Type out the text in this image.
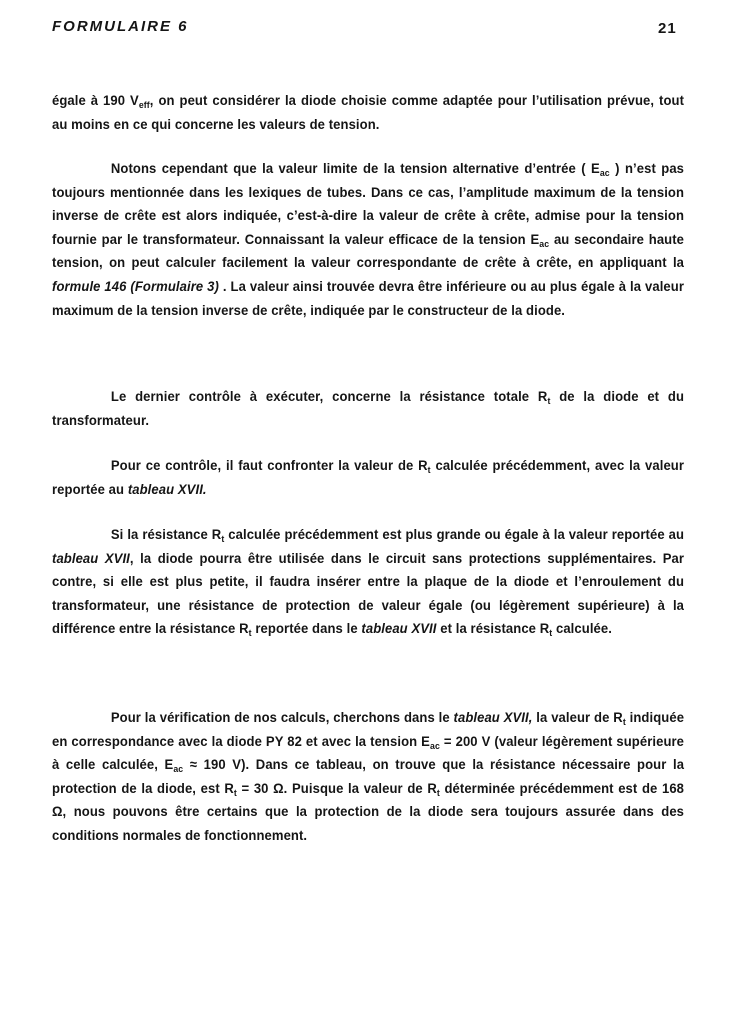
FORMULAIRE 6	21

égale à 190 $V_{eff}$, on peut considérer la diode choisie comme adaptée pour l’utilisation prévue, tout au moins en ce qui concerne les valeurs de tension.

Notons cependant que la valeur limite de la tension alternative d’entrée ( $E_{ac}$ ) n’est pas toujours mentionnée dans les lexiques de tubes. Dans ce cas, l’amplitude maximum de la tension inverse de crête est alors indiquée, c’est-à-dire la valeur de crête à crête, admise pour la tension fournie par le transformateur. Connaissant la valeur efficace de la tension $E_{ac}$ au secondaire haute tension, on peut calculer facilement la valeur correspondante de crête à crête, en appliquant la formule 146 (Formulaire 3) . La valeur ainsi trouvée devra être inférieure ou au plus égale à la valeur maximum de la tension inverse de crête, indiquée par le constructeur de la diode.

Le dernier contrôle à exécuter, concerne la résistance totale $R_t$ de la diode et du transformateur.

Pour ce contrôle, il faut confronter la valeur de $R_t$ calculée précédemment, avec la valeur reportée au tableau XVII.

Si la résistance $R_t$ calculée précédemment est plus grande ou égale à la valeur reportée au tableau XVII, la diode pourra être utilisée dans le circuit sans protections supplémentaires. Par contre, si elle est plus petite, il faudra insérer entre la plaque de la diode et l’enroulement du transformateur, une résistance de protection de valeur égale (ou légèrement supérieure) à la différence entre la résistance $R_t$ reportée dans le tableau XVII et la résistance $R_t$ calculée.

Pour la vérification de nos calculs, cherchons dans le tableau XVII, la valeur de $R_t$ indiquée en correspondance avec la diode PY 82 et avec la tension $E_{ac} = 200$ V (valeur légèrement supérieure à celle calculée, $E_{ac} \approx 190$ V). Dans ce tableau, on trouve que la résistance nécessaire pour la protection de la diode, est $R_t = 30$ Ω. Puisque la valeur de $R_t$ déterminée précédemment est de 168 Ω, nous pouvons être certains que la protection de la diode sera toujours assurée dans des conditions normales de fonctionnement.
